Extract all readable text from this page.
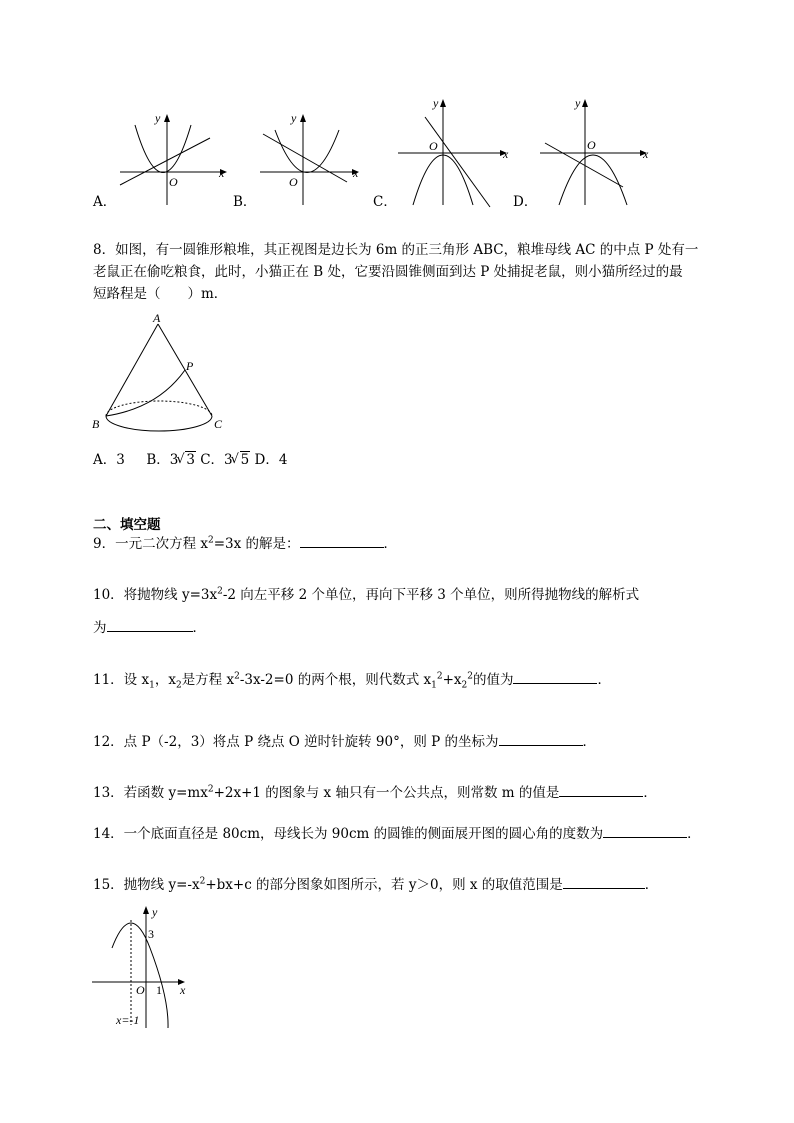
y
x
O
A．
y
x
O
B．
y
x
O
C．
y
x
O
D．
8．如图，有一圆锥形粮堆，其正视图是边长为 6m 的正三角形 ABC，粮堆母线 AC 的中点 P 处有一
老鼠正在偷吃粮食，此时，小猫正在 B 处，它要沿圆锥侧面到达 P 处捕捉老鼠，则小猫所经过的最
短路程是（　　）m．
A
B	C
P
A．3 B．3 √ 3 C．3 √ 5 D．4
二、填空题
9．一元二次方程 $x^2=3x$ 的解是：	．
10．将抛物线 $y=3x^2-2$ 向左平移 2 个单位，再向下平移 3 个单位，则所得抛物线的解析式
为	．
11．设 $x_1$，$x_2$是方程 $x^2-3x-2=0$ 的两个根，则代数式 $x_1^2+x_2^2$的值为	．
12．点 P（-2，3）将点 P 绕点 O 逆时针旋转 90°，则 P 的坐标为	．
13．若函数 $y=mx^2+2x+1$ 的图象与 x 轴只有一个公共点，则常数 m 的值是	．
14．一个底面直径是 80cm，母线长为 90cm 的圆锥的侧面展开图的圆心角的度数为	．
15．抛物线 $y=-x^2+bx+c$ 的部分图象如图所示，若 y＞0，则 x 的取值范围是	．
y
x
O 1
3
x=-1
